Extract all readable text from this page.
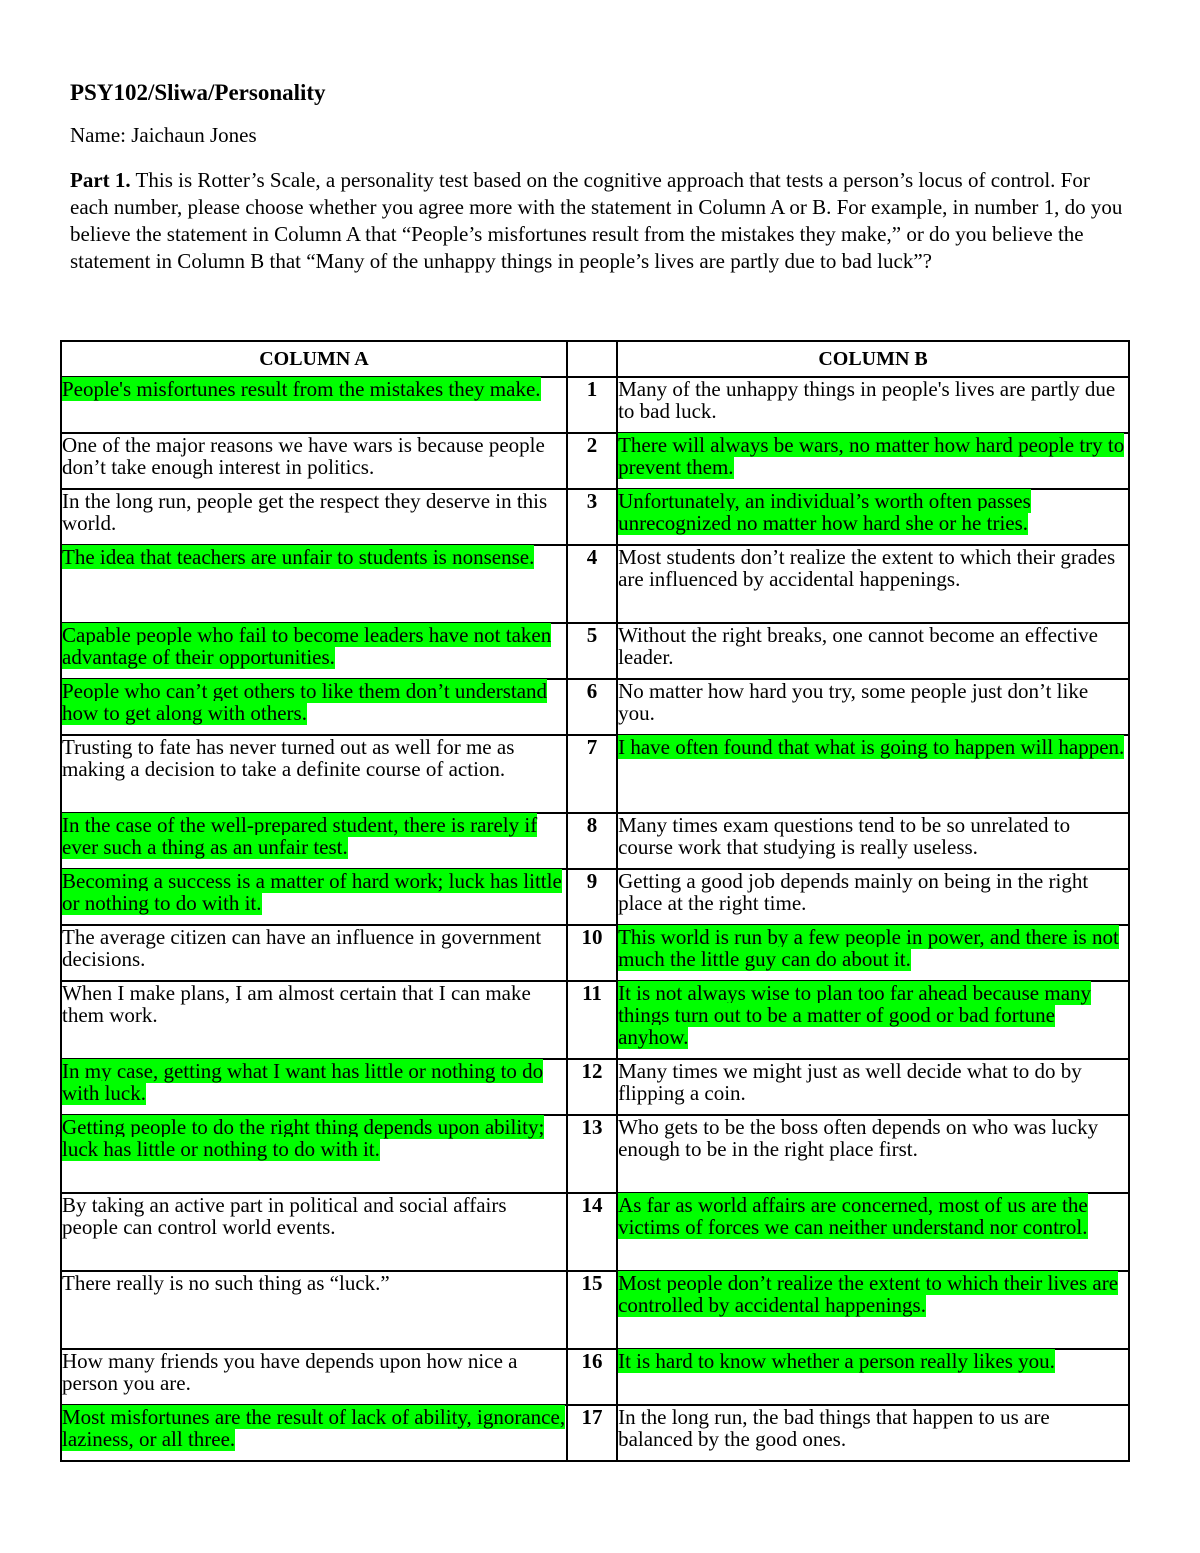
PSY102/Sliwa/Personality
Name: Jaichaun Jones
Part 1. This is Rotter’s Scale, a personality test based on the cognitive approach that tests a person’s locus of control. For each number, please choose whether you agree more with the statement in Column A or B. For example, in number 1, do you believe the statement in Column A that “People’s misfortunes result from the mistakes they make,” or do you believe the statement in Column B that “Many of the unhappy things in people’s lives are partly due to bad luck”?
COLUMN A		COLUMN B
People's misfortunes result from the mistakes they make.	1	Many of the unhappy things in people's lives are partly due to bad luck.

One of the major reasons we have wars is because people don’t take enough interest in politics.	2	There will always be wars, no matter how hard people try to prevent them.

In the long run, people get the respect they deserve in this world.	3	Unfortunately, an individual’s worth often passes unrecognized no matter how hard she or he tries.
The idea that teachers are unfair to students is nonsense.	4	Most students don’t realize the extent to which their grades are influenced by accidental happenings.

Capable people who fail to become leaders have not taken advantage of their opportunities.	5	Without the right breaks, one cannot become an effective leader.

People who can’t get others to like them don’t understand how to get along with others.	6	No matter how hard you try, some people just don’t like you.

Trusting to fate has never turned out as well for me as making a decision to take a definite course of action.	7	I have often found that what is going to happen will happen.
In the case of the well-prepared student, there is rarely if ever such a thing as an unfair test.	8	Many times exam questions tend to be so unrelated to course work that studying is really useless.

Becoming a success is a matter of hard work; luck has little or nothing to do with it.	9	Getting a good job depends mainly on being in the right place at the right time.

The average citizen can have an influence in government decisions.	10	This world is run by a few people in power, and there is not much the little guy can do about it.

When I make plans, I am almost certain that I can make them work.	11	It is not always wise to plan too far ahead because many things turn out to be a matter of good or bad fortune anyhow.
In my case, getting what I want has little or nothing to do with luck.	12	Many times we might just as well decide what to do by flipping a coin.

Getting people to do the right thing depends upon ability; luck has little or nothing to do with it.	13	Who gets to be the boss often depends on who was lucky enough to be in the right place first.

By taking an active part in political and social affairs people can control world events.	14	As far as world affairs are concerned, most of us are the victims of forces we can neither understand nor control.

There really is no such thing as “luck.”	15	Most people don’t realize the extent to which their lives are controlled by accidental happenings.

How many friends you have depends upon how nice a person you are.	16	It is hard to know whether a person really likes you.
Most misfortunes are the result of lack of ability, ignorance, laziness, or all three.	17	In the long run, the bad things that happen to us are balanced by the good ones.
